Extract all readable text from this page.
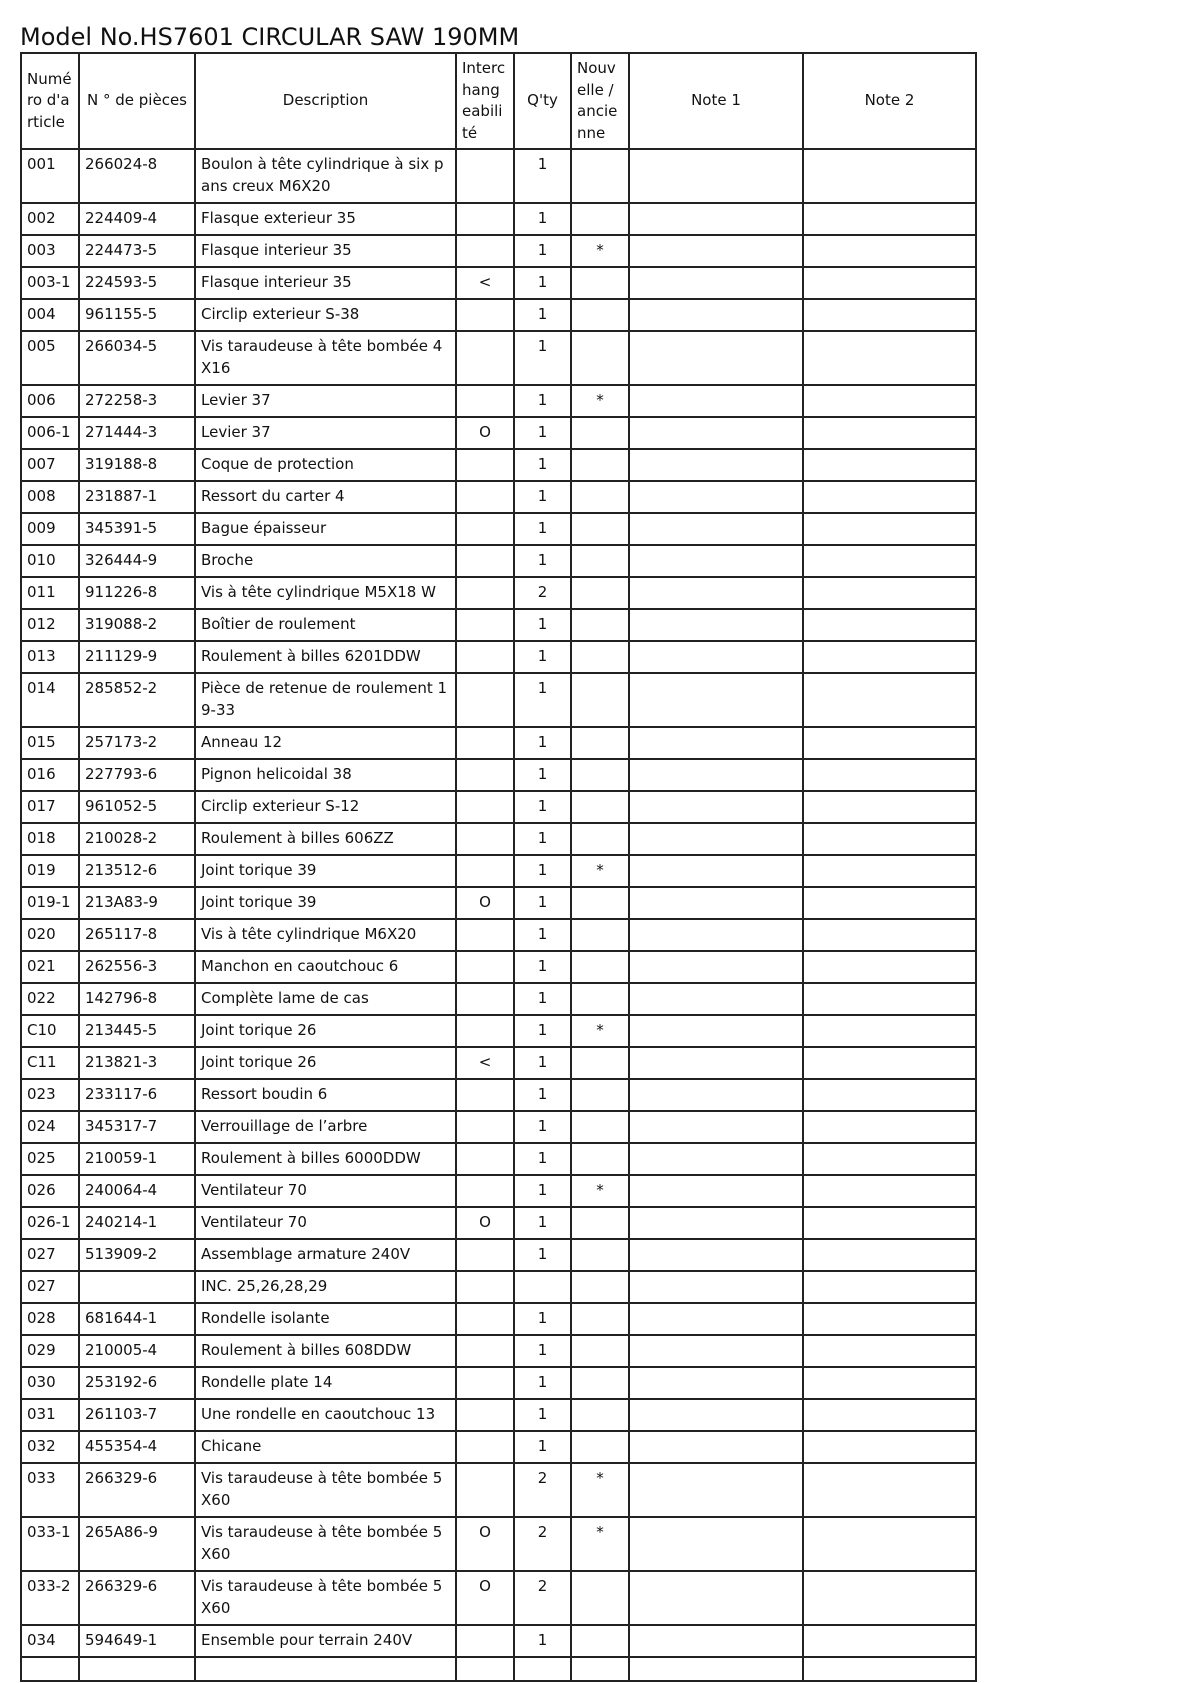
Model No.HS7601 CIRCULAR SAW 190MM
Numéro d'article	N ° de pièces	Description	Interchangeabilité	Q'ty	Nouvelle / ancienne	Note 1	Note 2
001	266024-8	Boulon à tête cylindrique à six pans creux M6X20		1			
002	224409-4	Flasque exterieur 35		1			
003	224473-5	Flasque interieur 35		1	*		
003-1	224593-5	Flasque interieur 35	<	1			
004	961155-5	Circlip exterieur S-38		1			
005	266034-5	Vis taraudeuse à tête bombée 4X16		1			
006	272258-3	Levier 37		1	*		
006-1	271444-3	Levier 37	O	1			
007	319188-8	Coque de protection		1			
008	231887-1	Ressort du carter 4		1			
009	345391-5	Bague épaisseur		1			
010	326444-9	Broche		1			
011	911226-8	Vis à tête cylindrique M5X18 W		2			
012	319088-2	Boîtier de roulement		1			
013	211129-9	Roulement à billes 6201DDW		1			
014	285852-2	Pièce de retenue de roulement 19-33		1			
015	257173-2	Anneau 12		1			
016	227793-6	Pignon helicoidal 38		1			
017	961052-5	Circlip exterieur S-12		1			
018	210028-2	Roulement à billes 606ZZ		1			
019	213512-6	Joint torique 39		1	*		
019-1	213A83-9	Joint torique 39	O	1			
020	265117-8	Vis à tête cylindrique M6X20		1			
021	262556-3	Manchon en caoutchouc 6		1			
022	142796-8	Complète lame de cas		1			
C10	213445-5	Joint torique 26		1	*		
C11	213821-3	Joint torique 26	<	1			
023	233117-6	Ressort boudin 6		1			
024	345317-7	Verrouillage de l’arbre		1			
025	210059-1	Roulement à billes 6000DDW		1			
026	240064-4	Ventilateur 70		1	*		
026-1	240214-1	Ventilateur 70	O	1			
027	513909-2	Assemblage armature 240V		1			
027		INC. 25,26,28,29					
028	681644-1	Rondelle isolante		1			
029	210005-4	Roulement à billes 608DDW		1			
030	253192-6	Rondelle plate 14		1			
031	261103-7	Une rondelle en caoutchouc 13		1			
032	455354-4	Chicane		1			
033	266329-6	Vis taraudeuse à tête bombée 5X60		2	*		
033-1	265A86-9	Vis taraudeuse à tête bombée 5X60	O	2	*		
033-2	266329-6	Vis taraudeuse à tête bombée 5X60	O	2			
034	594649-1	Ensemble pour terrain 240V		1			
